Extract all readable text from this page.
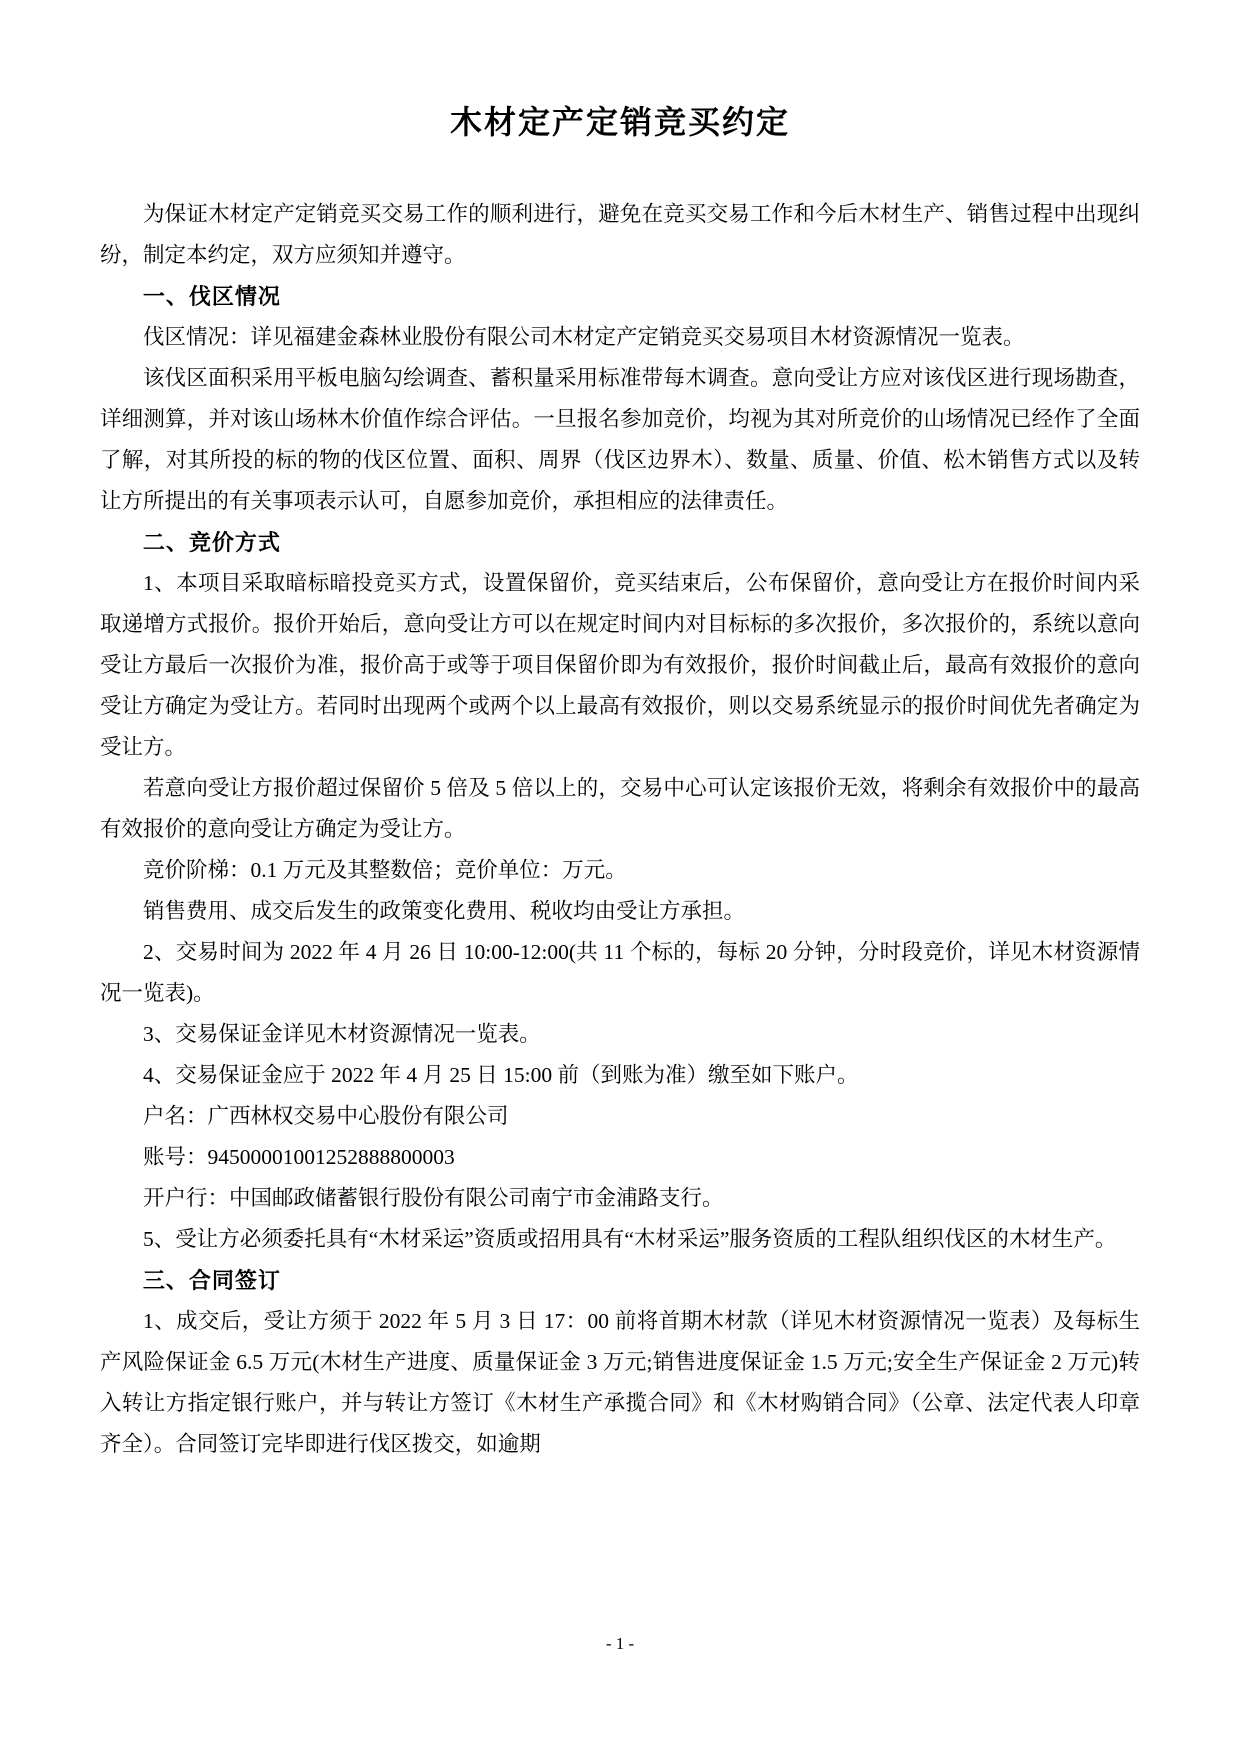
木材定产定销竞买约定

为保证木材定产定销竞买交易工作的顺利进行，避免在竞买交易工作和今后木材生产、销售过程中出现纠纷，制定本约定，双方应须知并遵守。

一、伐区情况

伐区情况：详见福建金森林业股份有限公司木材定产定销竞买交易项目木材资源情况一览表。

该伐区面积采用平板电脑勾绘调查、蓄积量采用标准带每木调查。意向受让方应对该伐区进行现场勘查，详细测算，并对该山场林木价值作综合评估。一旦报名参加竞价，均视为其对所竞价的山场情况已经作了全面了解，对其所投的标的物的伐区位置、面积、周界（伐区边界木）、数量、质量、价值、松木销售方式以及转让方所提出的有关事项表示认可，自愿参加竞价，承担相应的法律责任。

二、竞价方式

1、本项目采取暗标暗投竞买方式，设置保留价，竞买结束后，公布保留价，意向受让方在报价时间内采取递增方式报价。报价开始后，意向受让方可以在规定时间内对目标标的多次报价，多次报价的，系统以意向受让方最后一次报价为准，报价高于或等于项目保留价即为有效报价，报价时间截止后，最高有效报价的意向受让方确定为受让方。若同时出现两个或两个以上最高有效报价，则以交易系统显示的报价时间优先者确定为受让方。

若意向受让方报价超过保留价 5 倍及 5 倍以上的，交易中心可认定该报价无效，将剩余有效报价中的最高有效报价的意向受让方确定为受让方。

竞价阶梯：0.1 万元及其整数倍；竞价单位：万元。

销售费用、成交后发生的政策变化费用、税收均由受让方承担。

2、交易时间为 2022 年 4 月 26 日 10:00-12:00(共 11 个标的，每标 20 分钟，分时段竞价，详见木材资源情况一览表)。

3、交易保证金详见木材资源情况一览表。

4、交易保证金应于 2022 年 4 月 25 日 15:00 前（到账为准）缴至如下账户。

户名：广西林权交易中心股份有限公司

账号：94500001001252888800003

开户行：中国邮政储蓄银行股份有限公司南宁市金浦路支行。

5、受让方必须委托具有“木材采运”资质或招用具有“木材采运”服务资质的工程队组织伐区的木材生产。

三、合同签订

1、成交后，受让方须于 2022 年 5 月 3 日 17：00 前将首期木材款（详见木材资源情况一览表）及每标生产风险保证金 6.5 万元(木材生产进度、质量保证金 3 万元;销售进度保证金 1.5 万元;安全生产保证金 2 万元)转入转让方指定银行账户，并与转让方签订《木材生产承揽合同》和《木材购销合同》（公章、法定代表人印章齐全）。合同签订完毕即进行伐区拨交，如逾期

- 1 -
